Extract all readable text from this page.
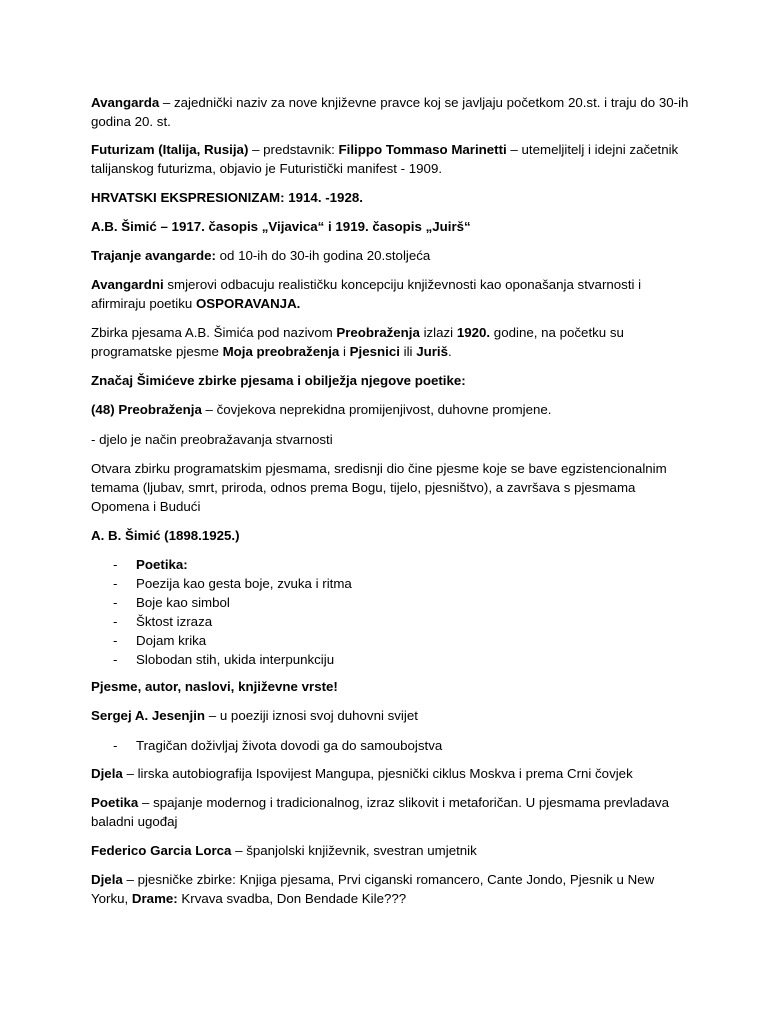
Avangarda – zajednički naziv za nove književne pravce koj se javljaju početkom 20.st. i traju do 30-ih godina 20. st.

Futurizam (Italija, Rusija) – predstavnik: Filippo Tommaso Marinetti – utemeljitelj i idejni začetnik talijanskog futurizma, objavio je Futuristički manifest - 1909.

HRVATSKI EKSPRESIONIZAM: 1914. -1928.

A.B. Šimić – 1917. časopis „Vijavica“ i 1919. časopis „Juirš“

Trajanje avangarde: od 10-ih do 30-ih godina 20.stoljeća

Avangardni smjerovi odbacuju realističku koncepciju književnosti kao oponašanja stvarnosti i afirmiraju poetiku OSPORAVANJA.

Zbirka pjesama A.B. Šimića pod nazivom Preobraženja izlazi 1920. godine, na početku su programatske pjesme Moja preobraženja i Pjesnici ili Juriš.

Značaj Šimićeve zbirke pjesama i obilježja njegove poetike:

(48) Preobraženja – čovjekova neprekidna promijenjivost, duhovne promjene.

- djelo je način preobražavanja stvarnosti

Otvara zbirku programatskim pjesmama, sredisnji dio čine pjesme koje se bave egzistencionalnim temama (ljubav, smrt, priroda, odnos prema Bogu, tijelo, pjesništvo), a završava s pjesmama Opomena i Budući

A. B. Šimić (1898.1925.)

- Poetika:
- Poezija kao gesta boje, zvuka i ritma
- Boje kao simbol
- Šktost izraza
- Dojam krika
- Slobodan stih, ukida interpunkciju

Pjesme, autor, naslovi, književne vrste!

Sergej A. Jesenjin – u poeziji iznosi svoj duhovni svijet

- Tragičan doživljaj života dovodi ga do samoubojstva

Djela – lirska autobiografija Ispovijest Mangupa, pjesnički ciklus Moskva i prema Crni čovjek

Poetika – spajanje modernog i tradicionalnog, izraz slikovit i metaforičan. U pjesmama prevladava baladni ugođaj

Federico Garcia Lorca – španjolski književnik, svestran umjetnik

Djela – pjesničke zbirke: Knjiga pjesama, Prvi ciganski romancero, Cante Jondo, Pjesnik u New Yorku, Drame: Krvava svadba, Don Bendade Kile???
